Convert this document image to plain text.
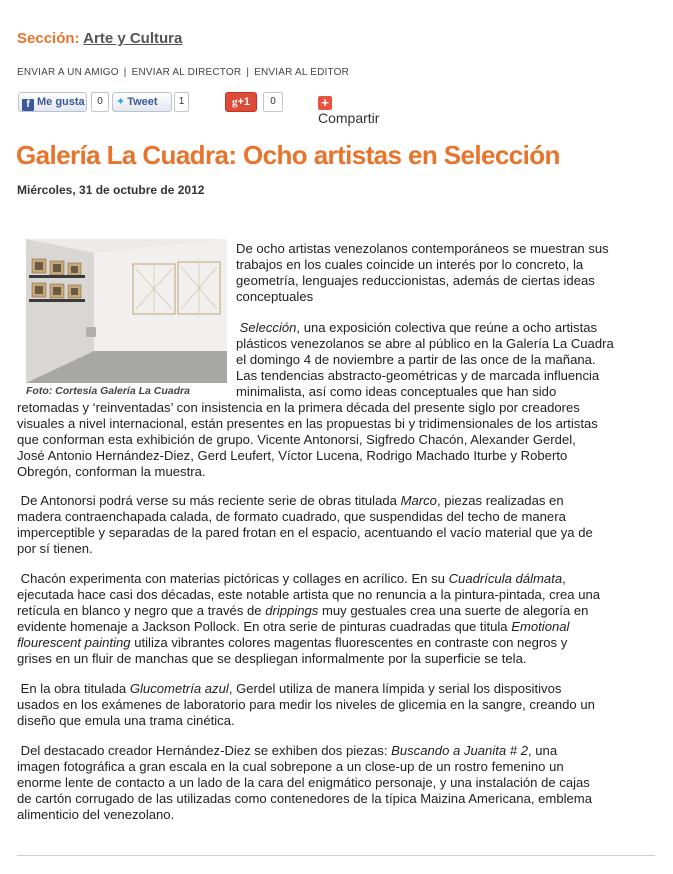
Sección: Arte y Cultura
ENVIAR A UN AMIGO | ENVIAR AL DIRECTOR | ENVIAR AL EDITOR
f Me gusta	0	✦ Tweet	1	g+1	0	+Compartir
Galería La Cuadra: Ocho artistas en Selección
Miércoles, 31 de octubre de 2012
Foto: Cortesía Galería La Cuadra

De ocho artistas venezolanos contemporáneos se muestran sus
trabajos en los cuales coincide un interés por lo concreto, la
geometría, lenguajes reduccionistas, además de ciertas ideas
conceptuales

Selección, una exposición colectiva que reúne a ocho artistas
plásticos venezolanos se abre al público en la Galería La Cuadra
el domingo 4 de noviembre a partir de las once de la mañana.
Las tendencias abstracto-geométricas y de marcada influencia
minimalista, así como ideas conceptuales que han sido

retomadas y ‘reinventadas’ con insistencia en la primera década del presente siglo por creadores
visuales a nivel internacional, están presentes en las propuestas bi y tridimensionales de los artistas
que conforman esta exhibición de grupo. Vicente Antonorsi, Sigfredo Chacón, Alexander Gerdel,
José Antonio Hernández-Diez, Gerd Leufert, Víctor Lucena, Rodrigo Machado Iturbe y Roberto
Obregón, conforman la muestra.

De Antonorsi podrá verse su más reciente serie de obras titulada Marco, piezas realizadas en
madera contraenchapada calada, de formato cuadrado, que suspendidas del techo de manera
imperceptible y separadas de la pared frotan en el espacio, acentuando el vacío material que ya de
por sí tienen.

Chacón experimenta con materias pictóricas y collages en acrílico. En su Cuadrícula dálmata,
ejecutada hace casi dos décadas, este notable artista que no renuncia a la pintura-pintada, crea una
retícula en blanco y negro que a través de drippings muy gestuales crea una suerte de alegoría en
evidente homenaje a Jackson Pollock. En otra serie de pinturas cuadradas que titula Emotional
flourescent painting utiliza vibrantes colores magentas fluorescentes en contraste con negros y
grises en un fluir de manchas que se despliegan informalmente por la superficie se tela.

En la obra titulada Glucometría azul, Gerdel utiliza de manera límpida y serial los dispositivos
usados en los exámenes de laboratorio para medir los niveles de glicemia en la sangre, creando un
diseño que emula una trama cinética.

Del destacado creador Hernández-Diez se exhiben dos piezas: Buscando a Juanita # 2, una
imagen fotográfica a gran escala en la cual sobrepone a un close-up de un rostro femenino un
enorme lente de contacto a un lado de la cara del enigmático personaje, y una instalación de cajas
de cartón corrugado de las utilizadas como contenedores de la típica Maizina Americana, emblema
alimenticio del venezolano.
